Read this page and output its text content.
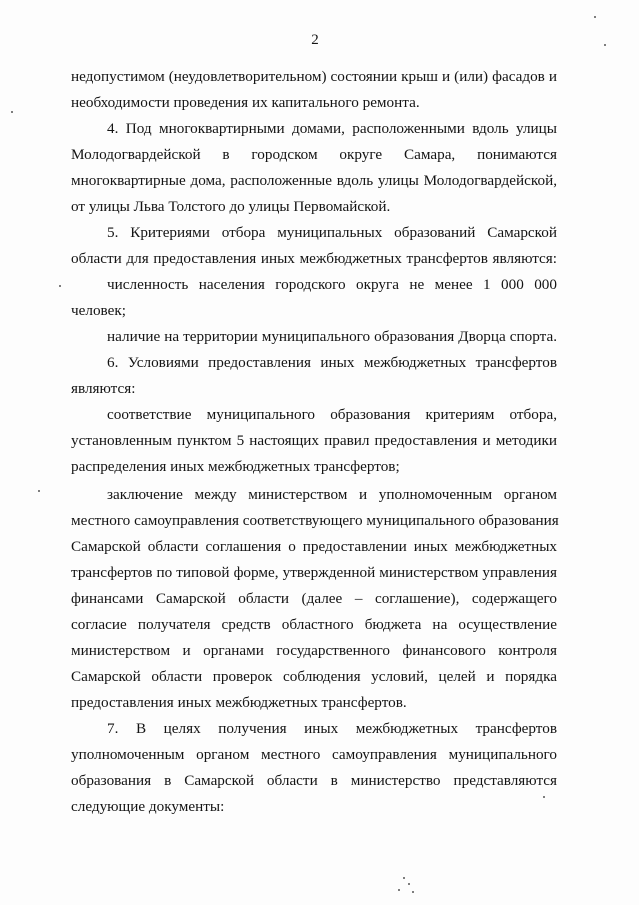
2
недопустимом (неудовлетворительном) состоянии крыш и (или) фасадов и
необходимости проведения их капитального ремонта.
4. Под многоквартирными домами, расположенными вдоль улицы
Молодогвардейской в городском округе Самара, понимаются
многоквартирные дома, расположенные вдоль улицы Молодогвардейской,
от улицы Льва Толстого до улицы Первомайской.
5. Критериями отбора муниципальных образований Самарской
области для предоставления иных межбюджетных трансфертов являются:
численность населения городского округа не менее 1 000 000
человек;
наличие на территории муниципального образования Дворца спорта.
6. Условиями предоставления иных межбюджетных трансфертов
являются:
соответствие муниципального образования критериям отбора,
установленным пунктом 5 настоящих правил предоставления и методики
распределения иных межбюджетных трансфертов;
заключение между министерством и уполномоченным органом
местного самоуправления соответствующего муниципального образования
Самарской области соглашения о предоставлении иных межбюджетных
трансфертов по типовой форме, утвержденной министерством управления
финансами Самарской области (далее – соглашение), содержащего
согласие получателя средств областного бюджета на осуществление
министерством и органами государственного финансового контроля
Самарской области проверок соблюдения условий, целей и порядка
предоставления иных межбюджетных трансфертов.
7. В целях получения иных межбюджетных трансфертов
уполномоченным органом местного самоуправления муниципального
образования в Самарской области в министерство представляются
следующие документы:
